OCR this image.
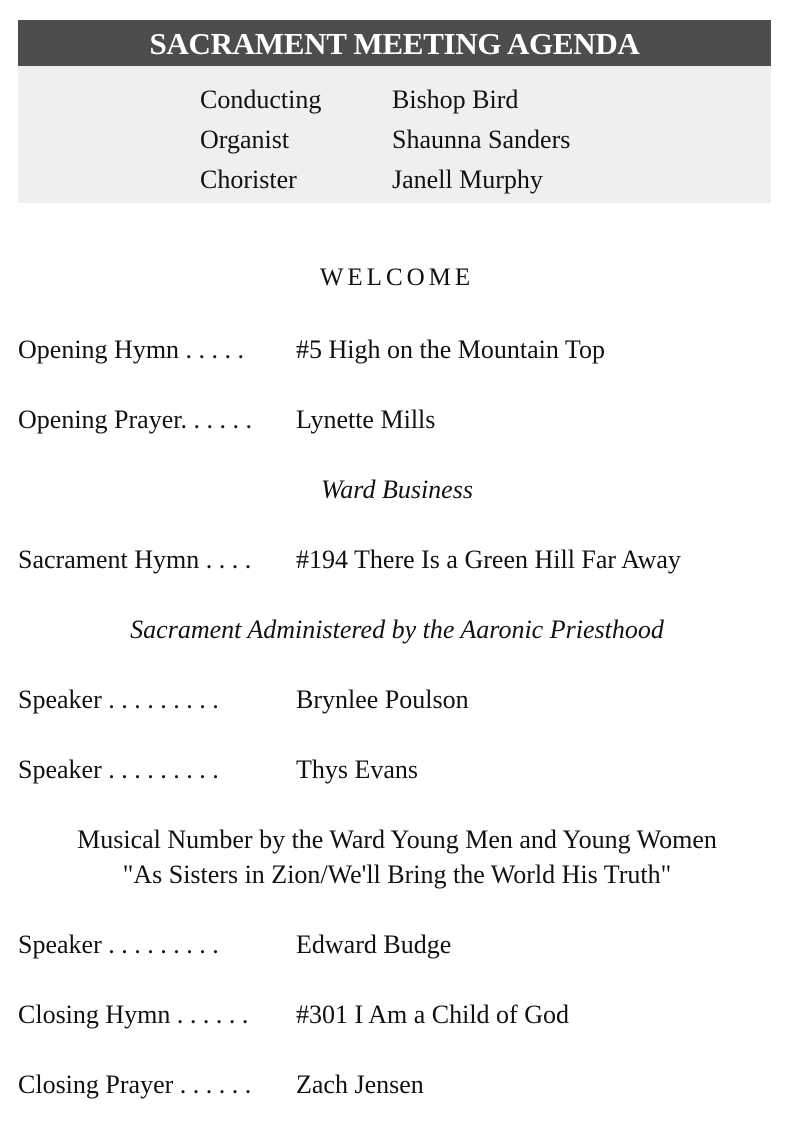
SACRAMENT MEETING AGENDA
Conducting	Bishop Bird
Organist	Shaunna Sanders
Chorister	Janell Murphy
WELCOME
Opening Hymn . . . . . #5 High on the Mountain Top
Opening Prayer. . . . . . Lynette Mills
Ward Business
Sacrament Hymn . . . . #194 There Is a Green Hill Far Away
Sacrament Administered by the Aaronic Priesthood
Speaker . . . . . . . . .	Brynlee Poulson
Speaker . . . . . . . . .	Thys Evans
Musical Number by the Ward Young Men and Young Women
"As Sisters in Zion/We'll Bring the World His Truth"
Speaker . . . . . . . . .	Edward Budge
Closing Hymn . . . . . . #301 I Am a Child of God
Closing Prayer . . . . . . Zach Jensen
